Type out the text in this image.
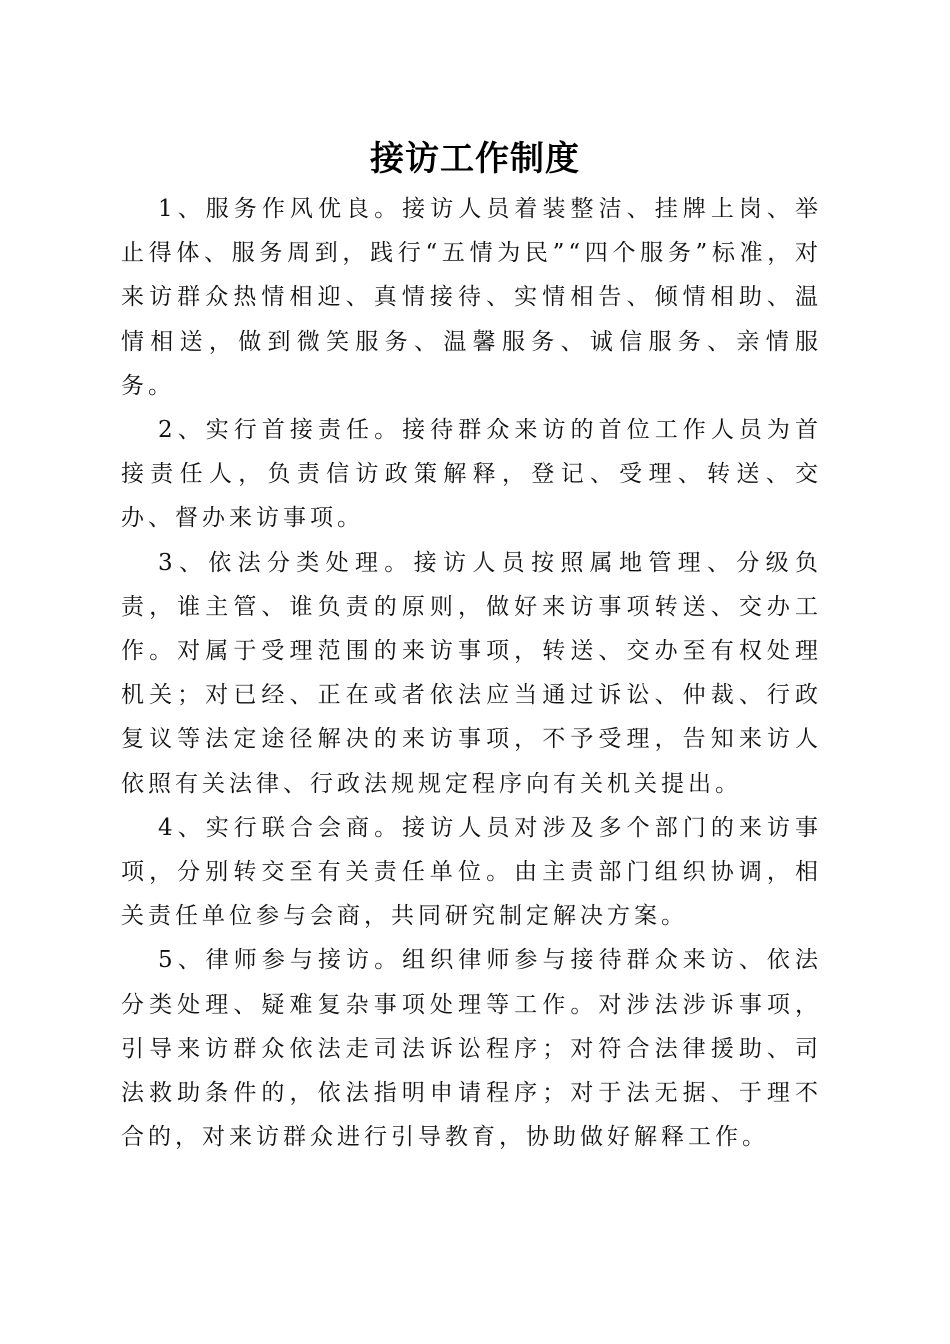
接访工作制度

1、服务作风优良。接访人员着装整洁、挂牌上岗、举止得体、服务周到，践行“五情为民”“四个服务”标准，对来访群众热情相迎、真情接待、实情相告、倾情相助、温情相送，做到微笑服务、温馨服务、诚信服务、亲情服务。

2、实行首接责任。接待群众来访的首位工作人员为首接责任人，负责信访政策解释，登记、受理、转送、交办、督办来访事项。

3、依法分类处理。接访人员按照属地管理、分级负责，谁主管、谁负责的原则，做好来访事项转送、交办工作。对属于受理范围的来访事项，转送、交办至有权处理机关；对已经、正在或者依法应当通过诉讼、仲裁、行政复议等法定途径解决的来访事项，不予受理，告知来访人依照有关法律、行政法规规定程序向有关机关提出。

4、实行联合会商。接访人员对涉及多个部门的来访事项，分别转交至有关责任单位。由主责部门组织协调，相关责任单位参与会商，共同研究制定解决方案。

5、律师参与接访。组织律师参与接待群众来访、依法分类处理、疑难复杂事项处理等工作。对涉法涉诉事项，引导来访群众依法走司法诉讼程序；对符合法律援助、司法救助条件的，依法指明申请程序；对于法无据、于理不合的，对来访群众进行引导教育，协助做好解释工作。
